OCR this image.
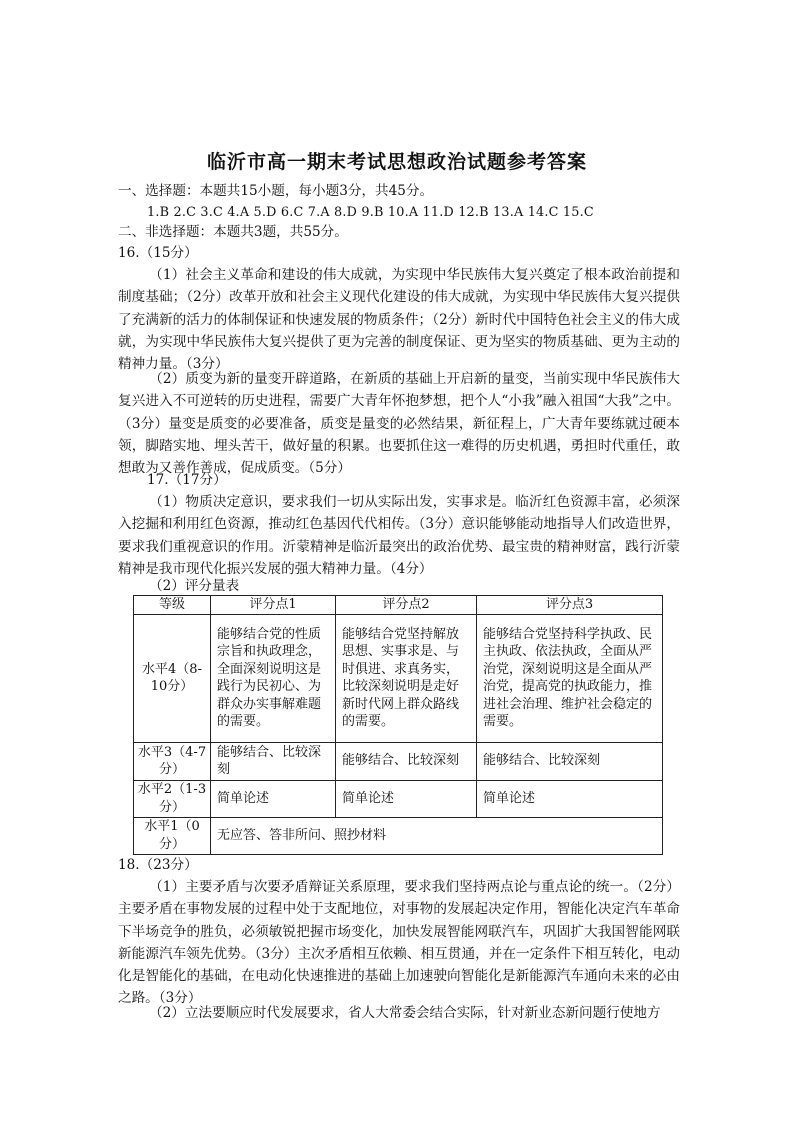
临沂市高一期末考试思想政治试题参考答案
一、选择题：本题共15小题，每小题3分，共45分。
1.B 2.C 3.C 4.A 5.D 6.C 7.A 8.D 9.B 10.A 11.D 12.B 13.A 14.C 15.C
二、非选择题：本题共3题，共55分。
16.（15分）
（1）社会主义革命和建设的伟大成就，为实现中华民族伟大复兴奠定了根本政治前提和制度基础；（2分）改革开放和社会主义现代化建设的伟大成就，为实现中华民族伟大复兴提供了充满新的活力的体制保证和快速发展的物质条件；（2分）新时代中国特色社会主义的伟大成就，为实现中华民族伟大复兴提供了更为完善的制度保证、更为坚实的物质基础、更为主动的精神力量。（3分）
（2）质变为新的量变开辟道路，在新质的基础上开启新的量变，当前实现中华民族伟大复兴进入不可逆转的历史进程，需要广大青年怀抱梦想，把个人“小我”融入祖国“大我”之中。（3分）量变是质变的必要准备，质变是量变的必然结果，新征程上，广大青年要练就过硬本领，脚踏实地、埋头苦干，做好量的积累。也要抓住这一难得的历史机遇，勇担时代重任，敢想敢为又善作善成，促成质变。（5分）
17.（17分）
（1）物质决定意识，要求我们一切从实际出发，实事求是。临沂红色资源丰富，必须深入挖掘和利用红色资源，推动红色基因代代相传。（3分）意识能够能动地指导人们改造世界，要求我们重视意识的作用。沂蒙精神是临沂最突出的政治优势、最宝贵的精神财富，践行沂蒙精神是我市现代化振兴发展的强大精神力量。（4分）
（2）评分量表
等级	评分点1	评分点2	评分点3
水平4（8-10分）	能够结合党的性质宗旨和执政理念，全面深刻说明这是践行为民初心、为群众办实事解难题的需要。	能够结合党坚持解放思想、实事求是、与时俱进、求真务实，比较深刻说明是走好新时代网上群众路线的需要。	能够结合党坚持科学执政、民主执政、依法执政，全面从严治党，深刻说明这是全面从严治党，提高党的执政能力，推进社会治理、维护社会稳定的需要。
水平3（4-7分）	能够结合、比较深刻	能够结合、比较深刻	能够结合、比较深刻
水平2（1-3分）	简单论述	简单论述	简单论述
水平1（0分）	无应答、答非所问、照抄材料		
18.（23分）
（1）主要矛盾与次要矛盾辩证关系原理，要求我们坚持两点论与重点论的统一。（2分）主要矛盾在事物发展的过程中处于支配地位，对事物的发展起决定作用，智能化决定汽车革命下半场竞争的胜负，必须敏锐把握市场变化，加快发展智能网联汽车，巩固扩大我国智能网联新能源汽车领先优势。（3分）主次矛盾相互依赖、相互贯通，并在一定条件下相互转化，电动化是智能化的基础，在电动化快速推进的基础上加速驶向智能化是新能源汽车通向未来的必由之路。（3分）
（2）立法要顺应时代发展要求，省人大常委会结合实际，针对新业态新问题行使地方
